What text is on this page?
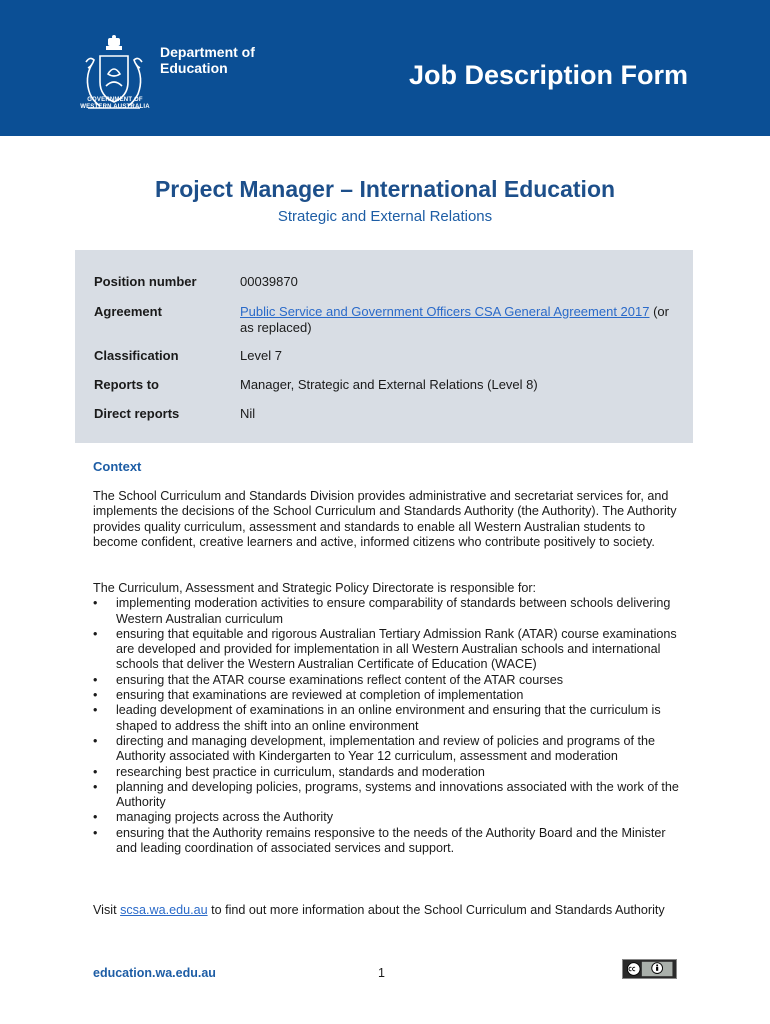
Department of
Education
GOVERNMENT OF
WESTERN AUSTRALIA
Job Description Form
Project Manager – International Education
Strategic and External Relations
Position number	00039870
Agreement	Public Service and Government Officers CSA General Agreement 2017 (or as replaced)
Classification	Level 7
Reports to	Manager, Strategic and External Relations (Level 8)
Direct reports	Nil
Context

The School Curriculum and Standards Division provides administrative and secretariat services for, and implements the decisions of the School Curriculum and Standards Authority (the Authority). The Authority provides quality curriculum, assessment and standards to enable all Western Australian students to become confident, creative learners and active, informed citizens who contribute positively to society.

The Curriculum, Assessment and Strategic Policy Directorate is responsible for:

• implementing moderation activities to ensure comparability of standards between schools delivering Western Australian curriculum
• ensuring that equitable and rigorous Australian Tertiary Admission Rank (ATAR) course examinations are developed and provided for implementation in all Western Australian schools and international schools that deliver the Western Australian Certificate of Education (WACE)
• ensuring that the ATAR course examinations reflect content of the ATAR courses
• ensuring that examinations are reviewed at completion of implementation
• leading development of examinations in an online environment and ensuring that the curriculum is shaped to address the shift into an online environment
• directing and managing development, implementation and review of policies and programs of the Authority associated with Kindergarten to Year 12 curriculum, assessment and moderation
• researching best practice in curriculum, standards and moderation
• planning and developing policies, programs, systems and innovations associated with the work of the Authority
• managing projects across the Authority
• ensuring that the Authority remains responsive to the needs of the Authority Board and the Minister and leading coordination of associated services and support.

Visit scsa.wa.edu.au to find out more information about the School Curriculum and Standards Authority

education.wa.edu.au	1
